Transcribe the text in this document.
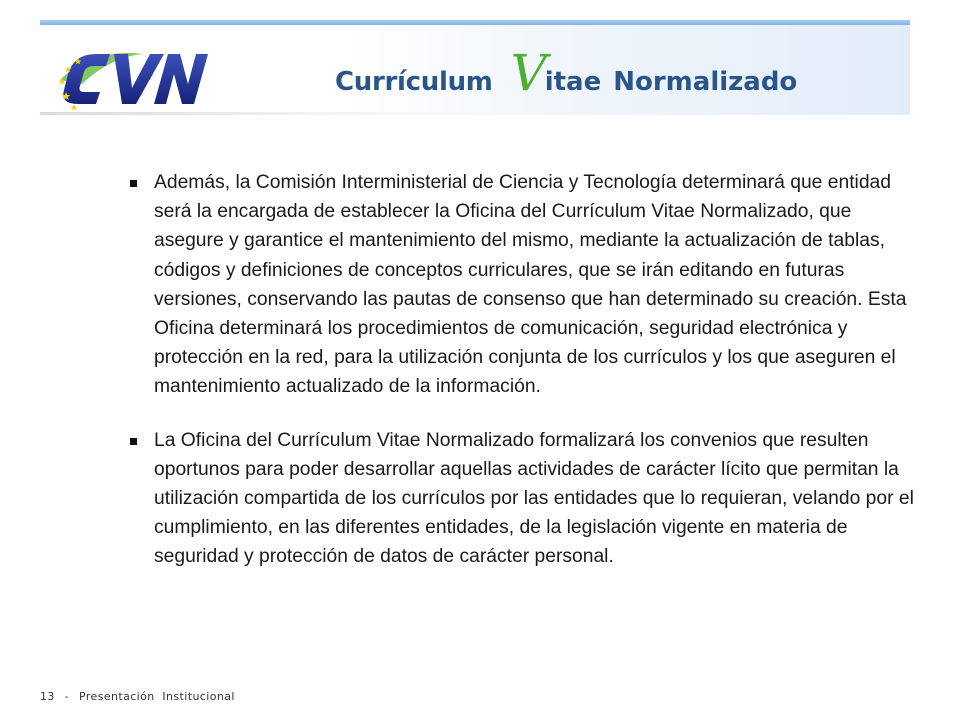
Currículum V
itae Normalizado
Además, la Comisión Interministerial de Ciencia y Tecnología determinará que entidad será la encargada de establecer la Oficina del Currículum Vitae Normalizado, que asegure y garantice el mantenimiento del mismo, mediante la actualización de tablas, códigos y definiciones de conceptos curriculares, que se irán editando en futuras versiones, conservando las pautas de consenso que han determinado su creación. Esta Oficina determinará los procedimientos de comunicación, seguridad electrónica y protección en la red, para la utilización conjunta de los currículos y los que aseguren el mantenimiento actualizado de la información.
La Oficina del Currículum Vitae Normalizado formalizará los convenios que resulten oportunos para poder desarrollar aquellas actividades de carácter lícito que permitan la utilización compartida de los currículos por las entidades que lo requieran, velando por el cumplimiento, en las diferentes entidades, de la legislación vigente en materia de seguridad y protección de datos de carácter personal.
13 - Presentación  Institucional
